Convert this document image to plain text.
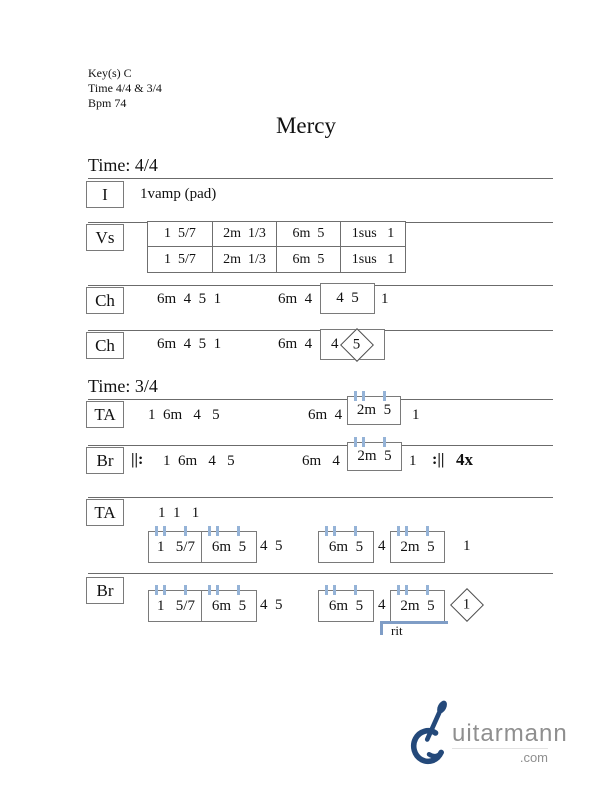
Key(s) C
Time 4/4 & 3/4
Bpm 74
Mercy
Time: 4/4
I	1vamp (pad)
Vs	1  5/7	2m  1/3	6m  5	1sus   1
1  5/7	2m  1/3	6m  5	1sus   1
Ch	6m  4  5  1	6m  4	4  5	1
Ch	6m  4  5  1	6m  4	4 5
Time: 3/4
TA	1  6m   4   5	6m  4 2m  5 1
Br	||: 1  6m   4   5	6m   4 2m  5 1 :|| 4x
TA	1  1   1
1   5/7 6m  5 4  5	6m  5 4 2m  5 1
Br
1   5/7 6m  5 4  5	6m  5 4 2m  5
rit
1
uitarmann
.com
